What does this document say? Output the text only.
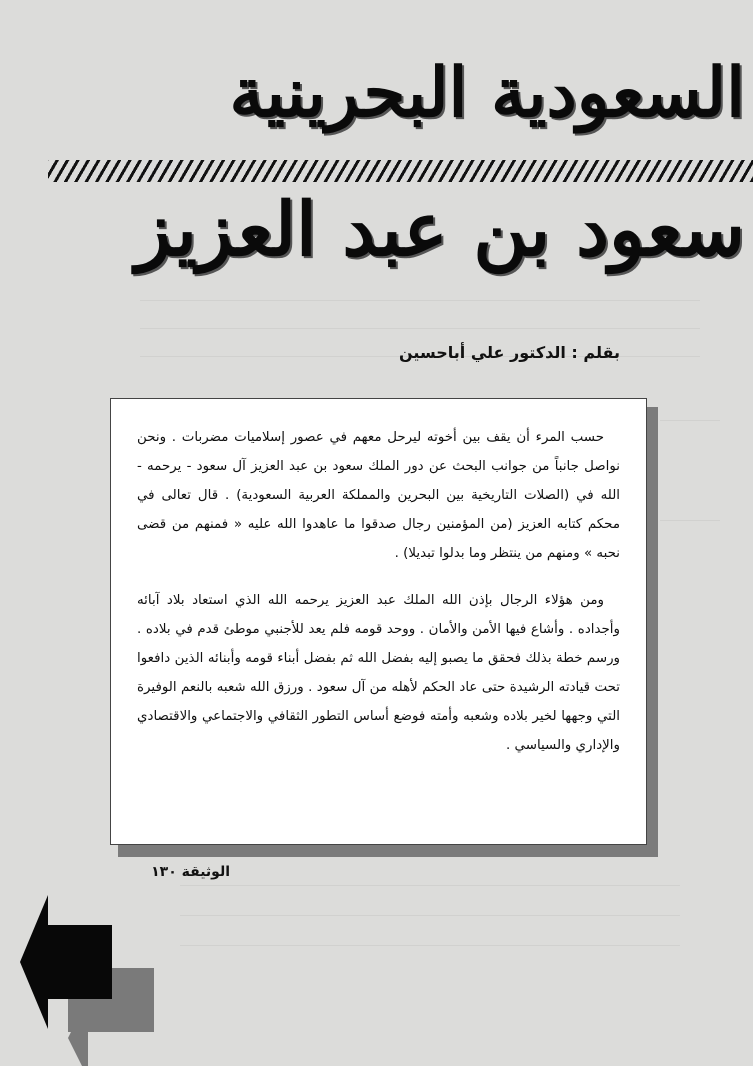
السعودية البحرينية
سعود بن عبد العزيز
بقلم : الدكتور علي أباحسين

حسب المرء أن يقف بين أخوته ليرحل معهم في عصور إسلاميات مضربات . ونحن نواصل جانباً من جوانب البحث عن دور الملك سعود بن عبد العزيز آل سعود - يرحمه - الله في (الصلات التاريخية بين البحرين والمملكة العربية السعودية) . قال تعالى في محكم كتابه العزيز (من المؤمنين رجال صدقوا ما عاهدوا الله عليه « فمنهم من قضى نحبه » ومنهم من ينتظر وما بدلوا تبديلا) .

ومن هؤلاء الرجال بإذن الله الملك عبد العزيز يرحمه الله الذي استعاد بلاد آبائه وأجداده . وأشاع فيها الأمن والأمان . ووحد قومه فلم يعد للأجنبي موطئ قدم في بلاده . ورسم خطة بذلك فحقق ما يصبو إليه بفضل الله ثم بفضل أبناء قومه وأبنائه الذين دافعوا تحت قيادته الرشيدة حتى عاد الحكم لأهله من آل سعود . ورزق الله شعبه بالنعم الوفيرة التي وجهها لخير بلاده وشعبه وأمته فوضع أساس التطور الثقافي والاجتماعي والاقتصادي والإداري والسياسي .

الوثيقة ١٣٠
